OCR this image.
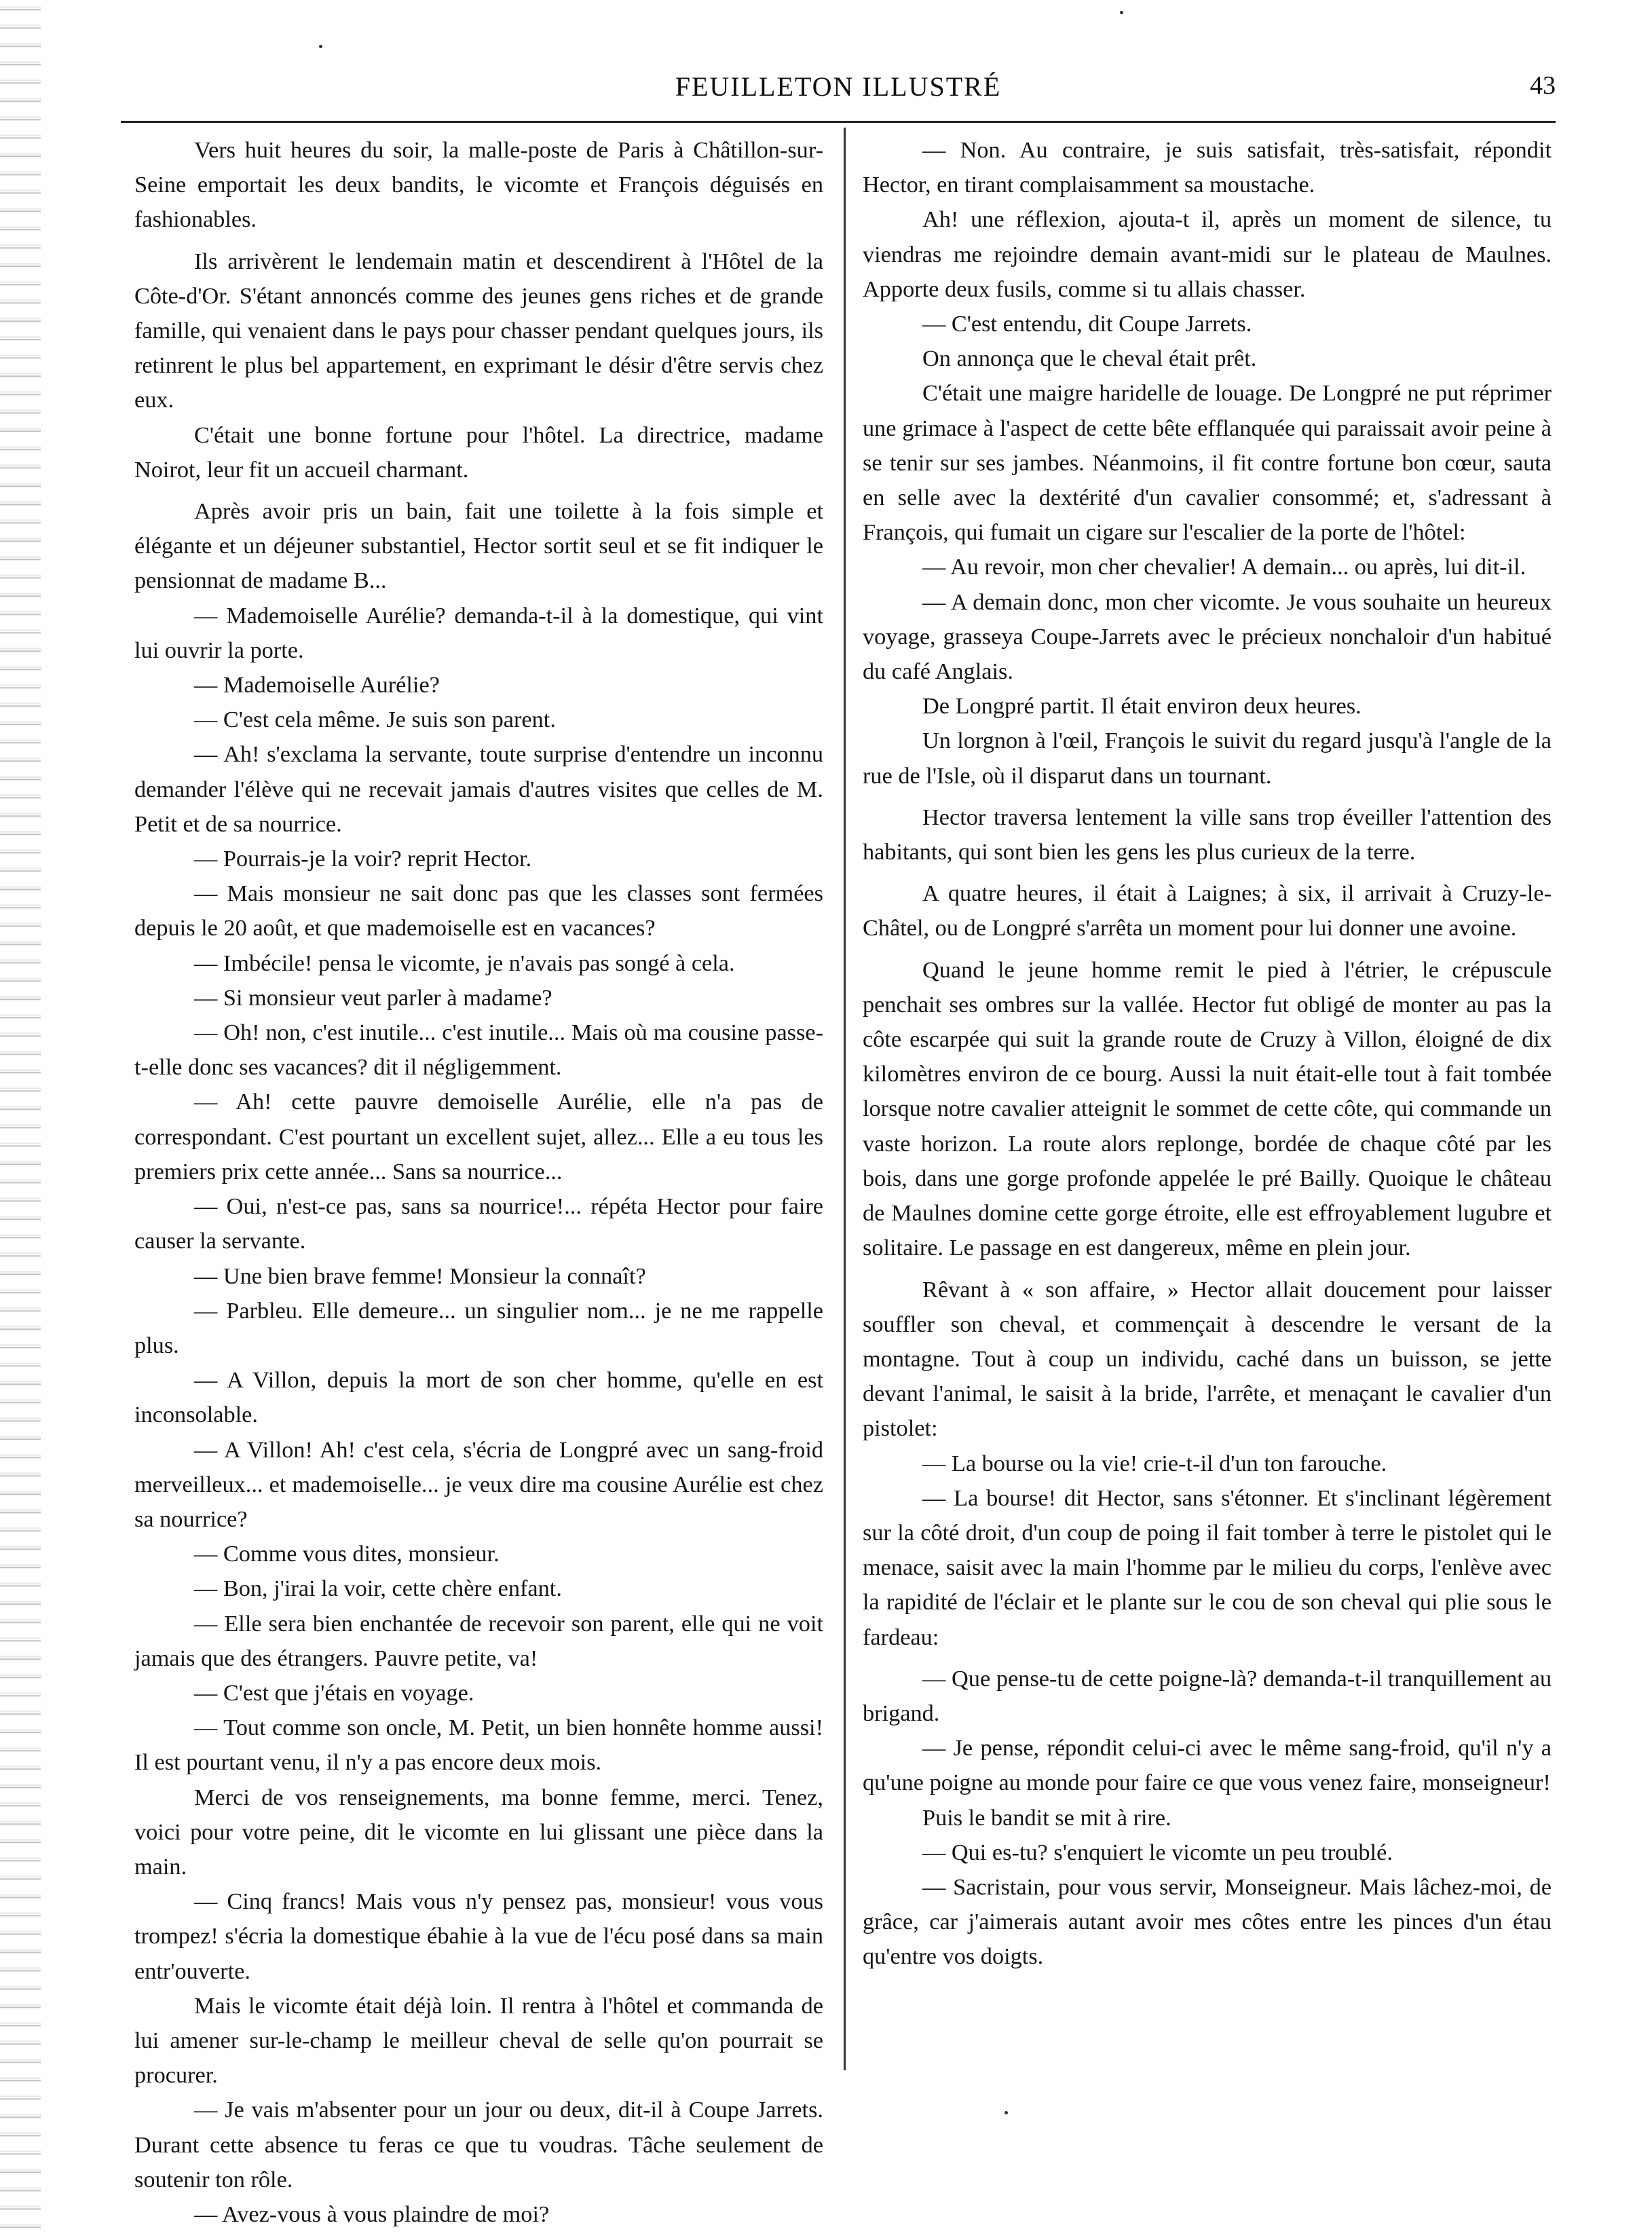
FEUILLETON ILLUSTRÉ	43

Vers huit heures du soir, la malle-poste de Paris à Châtillon-sur-Seine emportait les deux bandits, le vicomte et François déguisés en fashionables.

Ils arrivèrent le lendemain matin et descendirent à l'Hôtel de la Côte-d'Or. S'étant annoncés comme des jeunes gens riches et de grande famille, qui venaient dans le pays pour chasser pendant quelques jours, ils retinrent le plus bel appartement, en exprimant le désir d'être servis chez eux.

C'était une bonne fortune pour l'hôtel. La directrice, madame Noirot, leur fit un accueil charmant.

Après avoir pris un bain, fait une toilette à la fois simple et élégante et un déjeuner substantiel, Hector sortit seul et se fit indiquer le pensionnat de madame B...

— Mademoiselle Aurélie? demanda-t-il à la domestique, qui vint lui ouvrir la porte.

— Mademoiselle Aurélie?

— C'est cela même. Je suis son parent.

— Ah! s'exclama la servante, toute surprise d'entendre un inconnu demander l'élève qui ne recevait jamais d'autres visites que celles de M. Petit et de sa nourrice.

— Pourrais-je la voir? reprit Hector.

— Mais monsieur ne sait donc pas que les classes sont fermées depuis le 20 août, et que mademoiselle est en vacances?

— Imbécile! pensa le vicomte, je n'avais pas songé à cela.

— Si monsieur veut parler à madame?

— Oh! non, c'est inutile... c'est inutile... Mais où ma cousine passe-t-elle donc ses vacances? dit il négligemment.

— Ah! cette pauvre demoiselle Aurélie, elle n'a pas de correspondant. C'est pourtant un excellent sujet, allez... Elle a eu tous les premiers prix cette année... Sans sa nourrice...

— Oui, n'est-ce pas, sans sa nourrice!... répéta Hector pour faire causer la servante.

— Une bien brave femme! Monsieur la connaît?

— Parbleu. Elle demeure... un singulier nom... je ne me rappelle plus.

— A Villon, depuis la mort de son cher homme, qu'elle en est inconsolable.

— A Villon! Ah! c'est cela, s'écria de Longpré avec un sang-froid merveilleux... et mademoiselle... je veux dire ma cousine Aurélie est chez sa nourrice?

— Comme vous dites, monsieur.

— Bon, j'irai la voir, cette chère enfant.

— Elle sera bien enchantée de recevoir son parent, elle qui ne voit jamais que des étrangers. Pauvre petite, va!

— C'est que j'étais en voyage.

— Tout comme son oncle, M. Petit, un bien honnête homme aussi! Il est pourtant venu, il n'y a pas encore deux mois.

Merci de vos renseignements, ma bonne femme, merci. Tenez, voici pour votre peine, dit le vicomte en lui glissant une pièce dans la main.

— Cinq francs! Mais vous n'y pensez pas, monsieur! vous vous trompez! s'écria la domestique ébahie à la vue de l'écu posé dans sa main entr'ouverte.

Mais le vicomte était déjà loin. Il rentra à l'hôtel et commanda de lui amener sur-le-champ le meilleur cheval de selle qu'on pourrait se procurer.

— Je vais m'absenter pour un jour ou deux, dit-il à Coupe Jarrets. Durant cette absence tu feras ce que tu voudras. Tâche seulement de soutenir ton rôle.

— Avez-vous à vous plaindre de moi?

— Non. Au contraire, je suis satisfait, très-satisfait, répondit Hector, en tirant complaisamment sa moustache.

Ah! une réflexion, ajouta-t il, après un moment de silence, tu viendras me rejoindre demain avant-midi sur le plateau de Maulnes. Apporte deux fusils, comme si tu allais chasser.

— C'est entendu, dit Coupe Jarrets.

On annonça que le cheval était prêt.

C'était une maigre haridelle de louage. De Longpré ne put réprimer une grimace à l'aspect de cette bête efflanquée qui paraissait avoir peine à se tenir sur ses jambes. Néanmoins, il fit contre fortune bon cœur, sauta en selle avec la dextérité d'un cavalier consommé; et, s'adressant à François, qui fumait un cigare sur l'escalier de la porte de l'hôtel:

— Au revoir, mon cher chevalier! A demain... ou après, lui dit-il.

— A demain donc, mon cher vicomte. Je vous souhaite un heureux voyage, grasseya Coupe-Jarrets avec le précieux nonchaloir d'un habitué du café Anglais.

De Longpré partit. Il était environ deux heures.

Un lorgnon à l'œil, François le suivit du regard jusqu'à l'angle de la rue de l'Isle, où il disparut dans un tournant.

Hector traversa lentement la ville sans trop éveiller l'attention des habitants, qui sont bien les gens les plus curieux de la terre.

A quatre heures, il était à Laignes; à six, il arrivait à Cruzy-le-Châtel, ou de Longpré s'arrêta un moment pour lui donner une avoine.

Quand le jeune homme remit le pied à l'étrier, le crépuscule penchait ses ombres sur la vallée. Hector fut obligé de monter au pas la côte escarpée qui suit la grande route de Cruzy à Villon, éloigné de dix kilomètres environ de ce bourg. Aussi la nuit était-elle tout à fait tombée lorsque notre cavalier atteignit le sommet de cette côte, qui commande un vaste horizon. La route alors replonge, bordée de chaque côté par les bois, dans une gorge profonde appelée le pré Bailly. Quoique le château de Maulnes domine cette gorge étroite, elle est effroyablement lugubre et solitaire. Le passage en est dangereux, même en plein jour.

Rêvant à « son affaire, » Hector allait doucement pour laisser souffler son cheval, et commençait à descendre le versant de la montagne. Tout à coup un individu, caché dans un buisson, se jette devant l'animal, le saisit à la bride, l'arrête, et menaçant le cavalier d'un pistolet:

— La bourse ou la vie! crie-t-il d'un ton farouche.

— La bourse! dit Hector, sans s'étonner. Et s'inclinant légèrement sur la côté droit, d'un coup de poing il fait tomber à terre le pistolet qui le menace, saisit avec la main l'homme par le milieu du corps, l'enlève avec la rapidité de l'éclair et le plante sur le cou de son cheval qui plie sous le fardeau:

— Que pense-tu de cette poigne-là? demanda-t-il tranquillement au brigand.

— Je pense, répondit celui-ci avec le même sang-froid, qu'il n'y a qu'une poigne au monde pour faire ce que vous venez faire, monseigneur!

Puis le bandit se mit à rire.

— Qui es-tu? s'enquiert le vicomte un peu troublé.

— Sacristain, pour vous servir, Monseigneur. Mais lâchez-moi, de grâce, car j'aimerais autant avoir mes côtes entre les pinces d'un étau qu'entre vos doigts.
